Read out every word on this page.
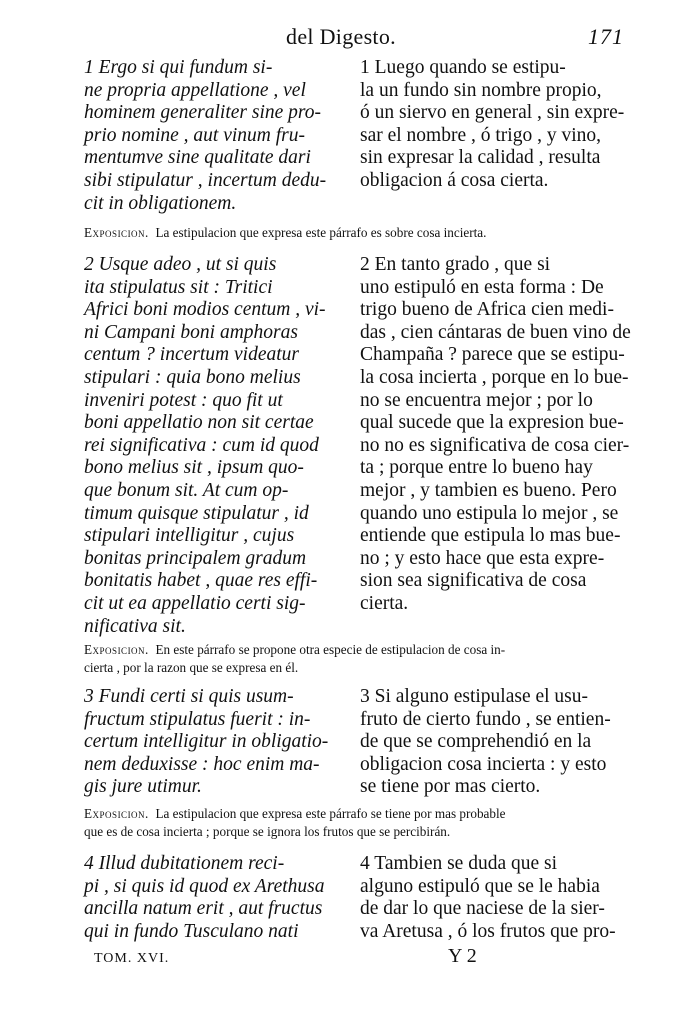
del Digesto.	171
1 Ergo si qui fundum si-
ne propria appellatione , vel
hominem generaliter sine pro-
prio nomine , aut vinum fru-
mentumve sine qualitate dari
sibi stipulatur , incertum dedu-
cit in obligationem.
1 Luego quando se estipu-
la un fundo sin nombre propio,
ó un siervo en general , sin expre-
sar el nombre , ó trigo , y vino,
sin expresar la calidad , resulta
obligacion á cosa cierta.
Exposicion. La estipulacion que expresa este párrafo es sobre cosa incierta.
2 Usque adeo , ut si quis
ita stipulatus sit : Tritici
Africi boni modios centum , vi-
ni Campani boni amphoras
centum ? incertum videatur
stipulari : quia bono melius
inveniri potest : quo fit ut
boni appellatio non sit certae
rei significativa : cum id quod
bono melius sit , ipsum quo-
que bonum sit. At cum op-
timum quisque stipulatur , id
stipulari intelligitur , cujus
bonitas principalem gradum
bonitatis habet , quae res effi-
cit ut ea appellatio certi sig-
nificativa sit.
2 En tanto grado , que si
uno estipuló en esta forma : De
trigo bueno de Africa cien medi-
das , cien cántaras de buen vino de
Champaña ? parece que se estipu-
la cosa incierta , porque en lo bue-
no se encuentra mejor ; por lo
qual sucede que la expresion bue-
no no es significativa de cosa cier-
ta ; porque entre lo bueno hay
mejor , y tambien es bueno. Pero
quando uno estipula lo mejor , se
entiende que estipula lo mas bue-
no ; y esto hace que esta expre-
sion sea significativa de cosa
cierta.
Exposicion. En este párrafo se propone otra especie de estipulacion de cosa in-
cierta , por la razon que se expresa en él.
3 Fundi certi si quis usum-
fructum stipulatus fuerit : in-
certum intelligitur in obligatio-
nem deduxisse : hoc enim ma-
gis jure utimur.
3 Si alguno estipulase el usu-
fruto de cierto fundo , se entien-
de que se comprehendió en la
obligacion cosa incierta : y esto
se tiene por mas cierto.
Exposicion. La estipulacion que expresa este párrafo se tiene por mas probable
que es de cosa incierta ; porque se ignora los frutos que se percibirán.
4 Illud dubitationem reci-
pi , si quis id quod ex Arethusa
ancilla natum erit , aut fructus
qui in fundo Tusculano nati
4 Tambien se duda que si
alguno estipuló que se le habia
de dar lo que naciese de la sier-
va Aretusa , ó los frutos que pro-
TOM. XVI.	Y 2
